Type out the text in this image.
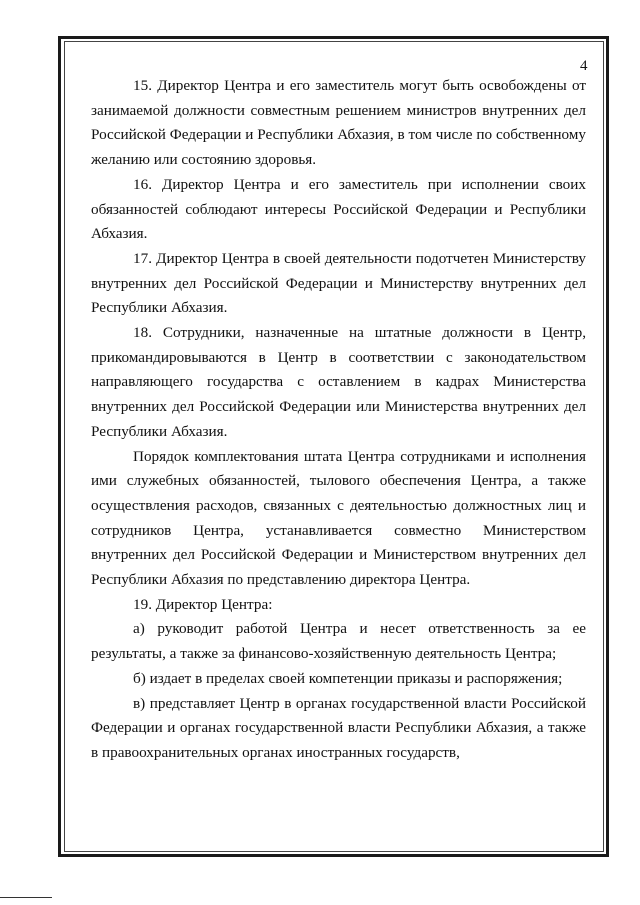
4

15. Директор Центра и его заместитель могут быть освобождены от занимаемой должности совместным решением министров внутренних дел Российской Федерации и Республики Абхазия, в том числе по собственному желанию или состоянию здоровья.

16. Директор Центра и его заместитель при исполнении своих обязанностей соблюдают интересы Российской Федерации и Республики Абхазия.

17. Директор Центра в своей деятельности подотчетен Министерству внутренних дел Российской Федерации и Министерству внутренних дел Республики Абхазия.

18. Сотрудники, назначенные на штатные должности в Центр, прикомандировываются в Центр в соответствии с законодательством направляющего государства с оставлением в кадрах Министерства внутренних дел Российской Федерации или Министерства внутренних дел Республики Абхазия.

Порядок комплектования штата Центра сотрудниками и исполнения ими служебных обязанностей, тылового обеспечения Центра, а также осуществления расходов, связанных с деятельностью должностных лиц и сотрудников Центра, устанавливается совместно Министерством внутренних дел Российской Федерации и Министерством внутренних дел Республики Абхазия по представлению директора Центра.

19. Директор Центра:

а) руководит работой Центра и несет ответственность за ее результаты, а также за финансово-хозяйственную деятельность Центра;

б) издает в пределах своей компетенции приказы и распоряжения;

в) представляет Центр в органах государственной власти Российской Федерации и органах государственной власти Республики Абхазия, а также в правоохранительных органах иностранных государств,
